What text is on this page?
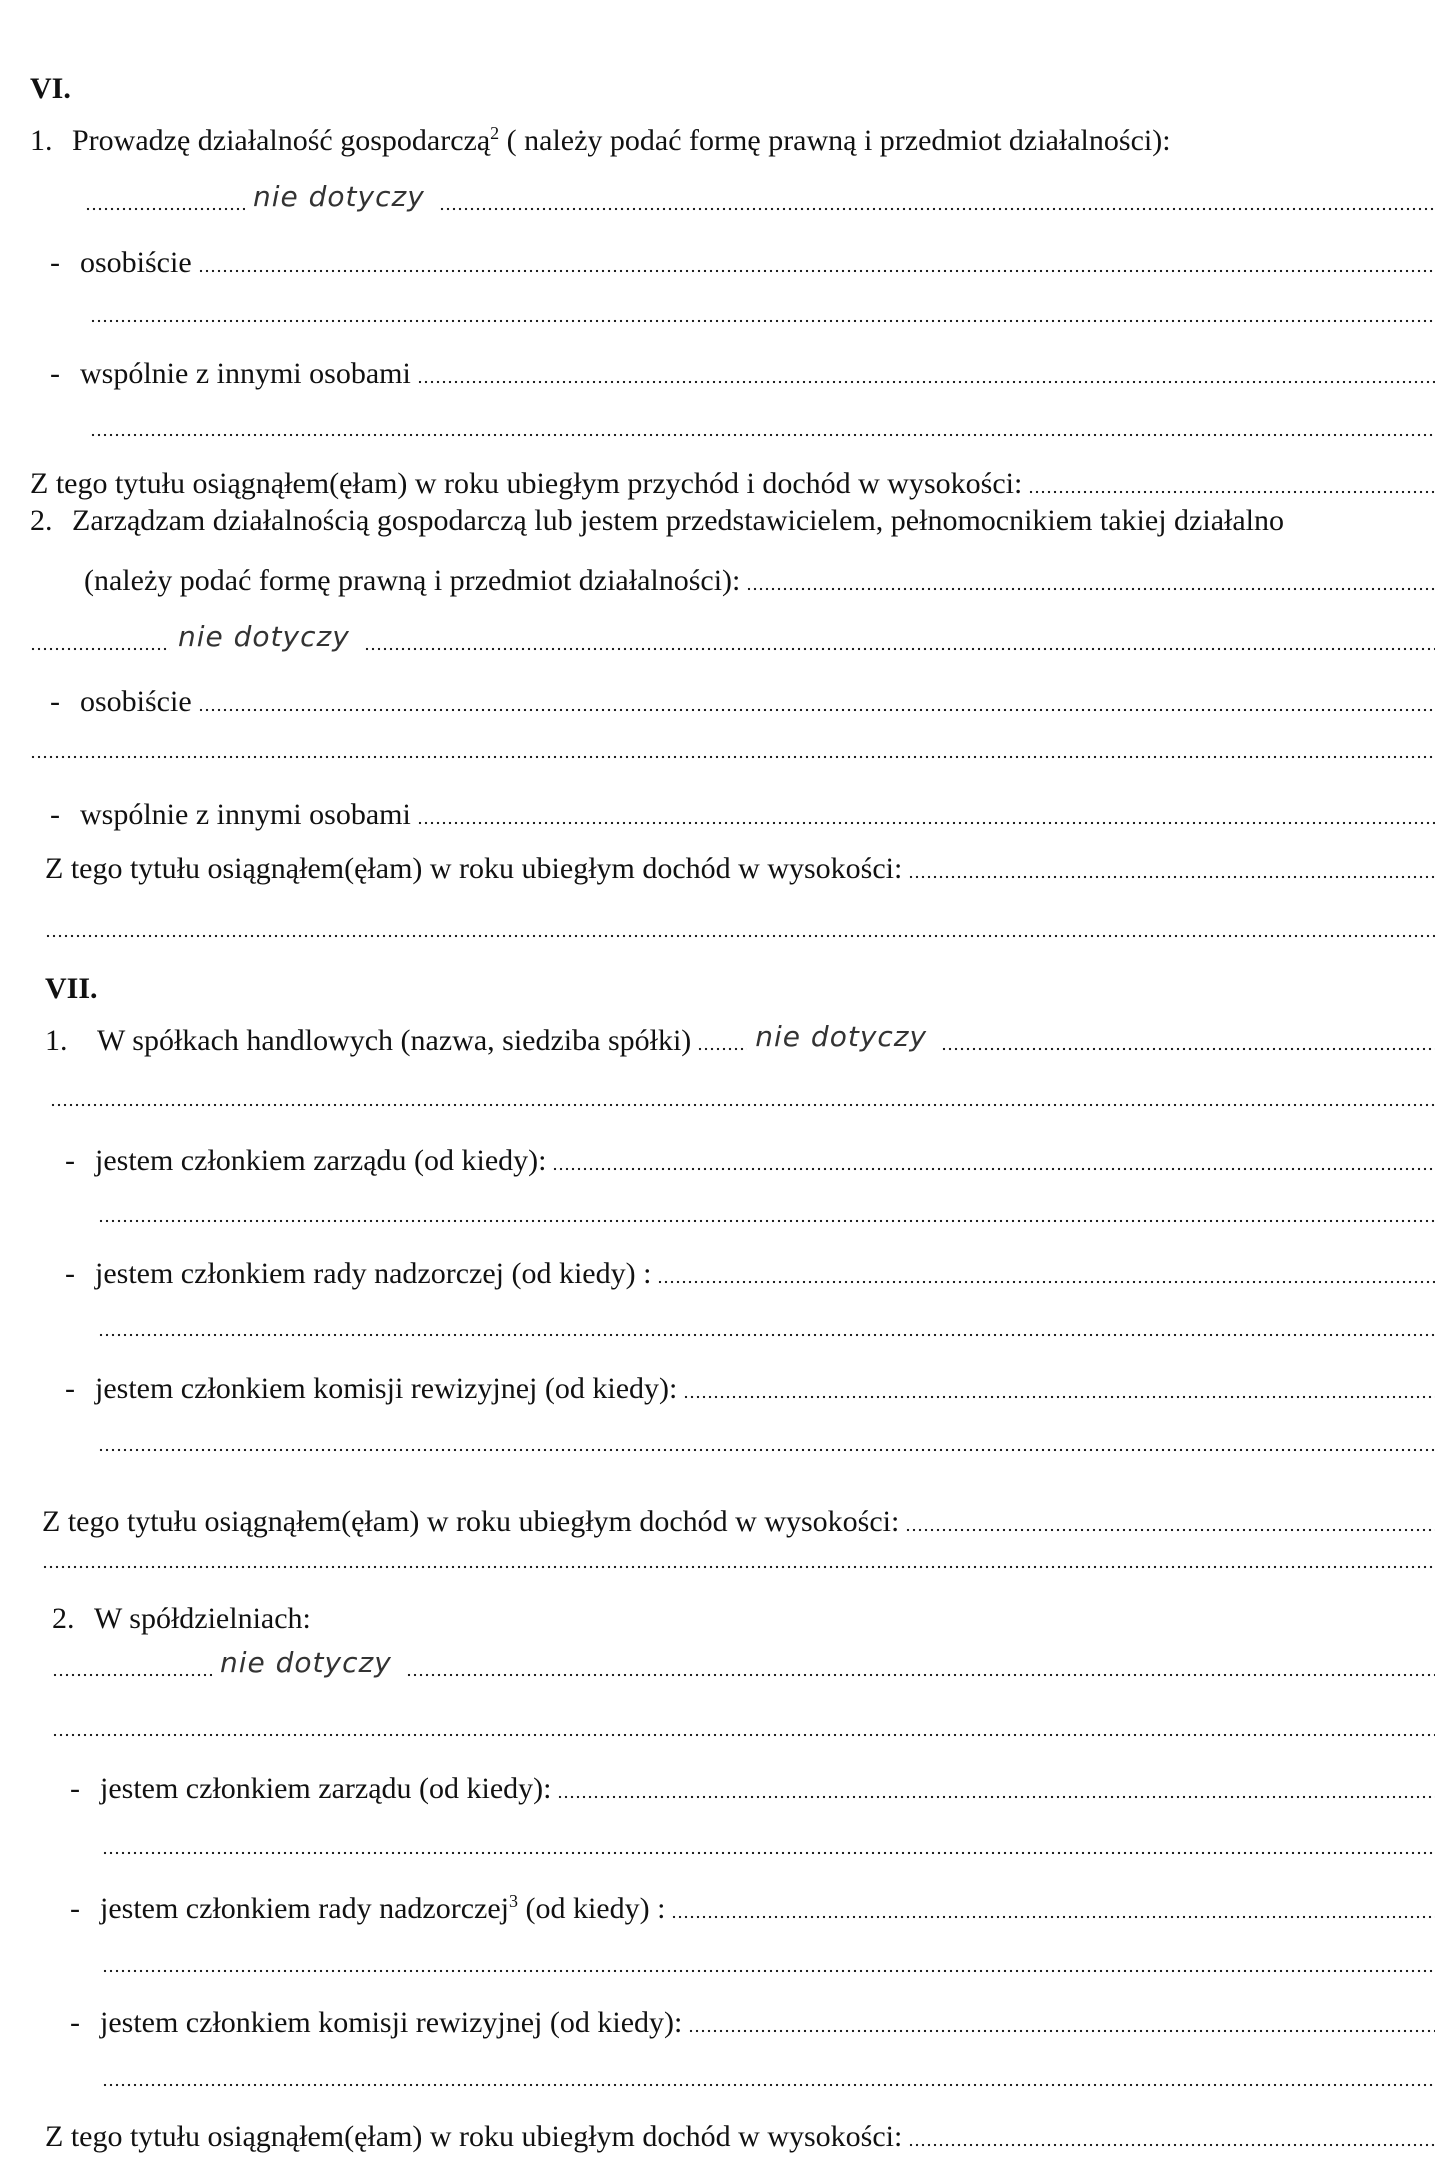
VI.
1. Prowadzę działalność gospodarczą$^2$ ( należy podać formę prawną i przedmiot działalności):
nie dotyczy
- osobiście
- wspólnie z innymi osobami
Z tego tytułu osiągnąłem(ęłam) w roku ubiegłym przychód i dochód w wysokości:
2. Zarządzam działalnością gospodarczą lub jestem przedstawicielem, pełnomocnikiem takiej działalno
(należy podać formę prawną i przedmiot działalności):
nie dotyczy
- osobiście
- wspólnie z innymi osobami
Z tego tytułu osiągnąłem(ęłam) w roku ubiegłym dochód w wysokości:
VII.
1. W spółkach handlowych (nazwa, siedziba spółki) nie dotyczy
- jestem członkiem zarządu (od kiedy):
- jestem członkiem rady nadzorczej (od kiedy) :
- jestem członkiem komisji rewizyjnej (od kiedy):
Z tego tytułu osiągnąłem(ęłam) w roku ubiegłym dochód w wysokości:
2. W spółdzielniach:
nie dotyczy
- jestem członkiem zarządu (od kiedy):
- jestem członkiem rady nadzorczej$^3$ (od kiedy) :
- jestem członkiem komisji rewizyjnej (od kiedy):
Z tego tytułu osiągnąłem(ęłam) w roku ubiegłym dochód w wysokości:
